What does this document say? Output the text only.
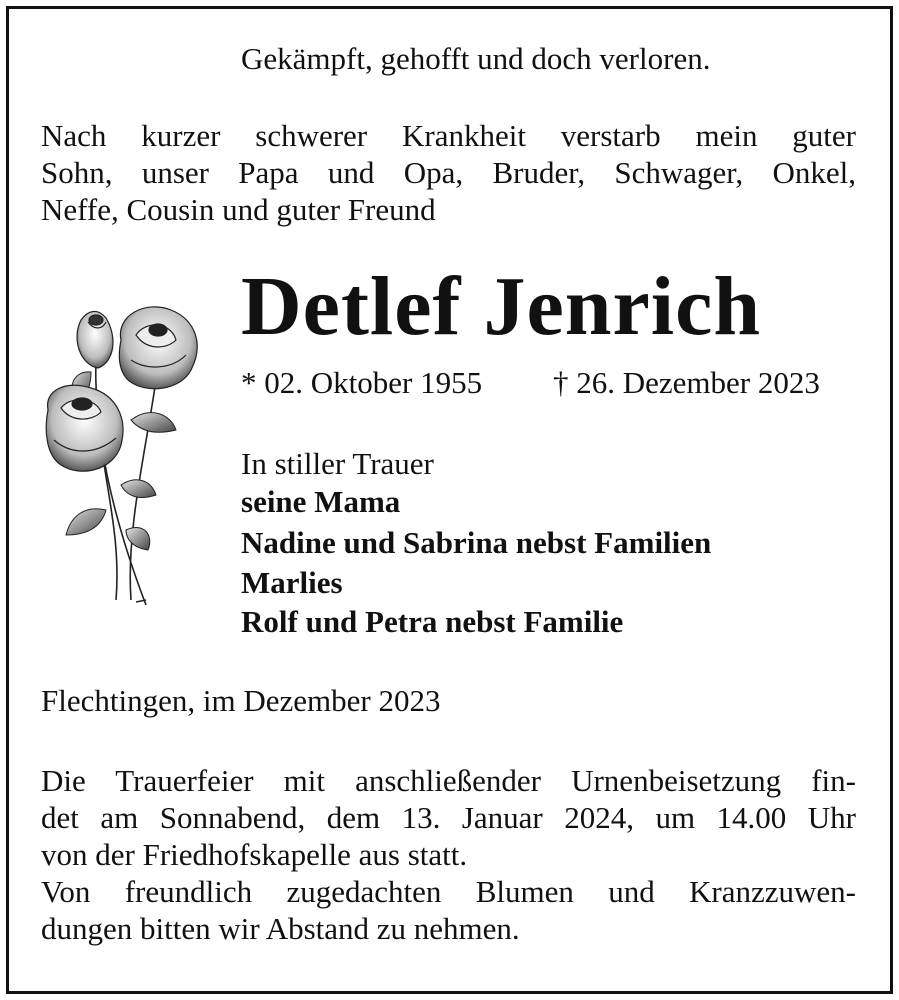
Gekämpft, gehofft und doch verloren.
Nach kurzer schwerer Krankheit verstarb mein guter
Sohn, unser Papa und Opa, Bruder, Schwager, Onkel,
Neffe, Cousin und guter Freund
Detlef Jenrich
* 02. Oktober 1955 † 26. Dezember 2023
In stiller Trauer
seine Mama
Nadine und Sabrina nebst Familien
Marlies
Rolf und Petra nebst Familie
Flechtingen, im Dezember 2023
Die Trauerfeier mit anschließender Urnenbeisetzung fin-
det am Sonnabend, dem 13. Januar 2024, um 14.00 Uhr
von der Friedhofskapelle aus statt.
Von freundlich zugedachten Blumen und Kranzzuwen-
dungen bitten wir Abstand zu nehmen.
